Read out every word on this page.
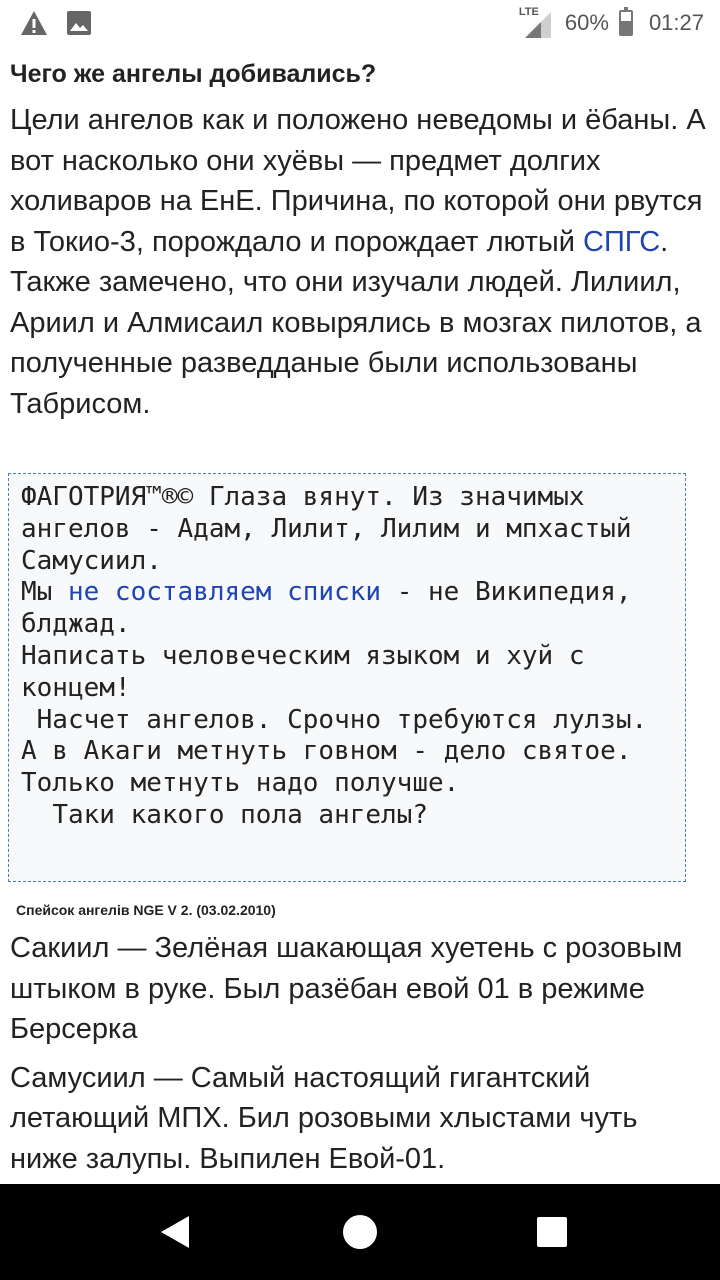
LTE 60% 01:27
Чего же ангелы добивались?

Цели ангелов как и положено неведомы и ёбаны. А вот насколько они хуёвы — предмет долгих холиваров на ЕнЕ. Причина, по которой они рвутся в Токио-3, порождало и порождает лютый СПГС. Также замечено, что они изучали людей. Лилиил, Ариил и Алмисаил ковырялись в мозгах пилотов, а полученные разведданые были использованы Табрисом.

ФАГОТРИЯ™®© Глаза вянут. Из значимых ангелов - Адам, Лилит, Лилим и мпхастый Самусиил.
Мы не составляем списки - не Википедия, блджад.
Написать человеческим языком и хуй с концем!
Насчет ангелов. Срочно требуются лулзы. А в Акаги метнуть говном - дело святое. Только метнуть надо получше.
Таки какого пола ангелы?
Спейсок ангелів NGE V 2. (03.02.2010)

Сакиил — Зелёная шакающая хуетень с розовым штыком в руке. Был разёбан евой 01 в режиме Берсерка

Самусиил — Самый настоящий гигантский летающий МПХ. Бил розовыми хлыстами чуть ниже залупы. Выпилен Евой-01.
